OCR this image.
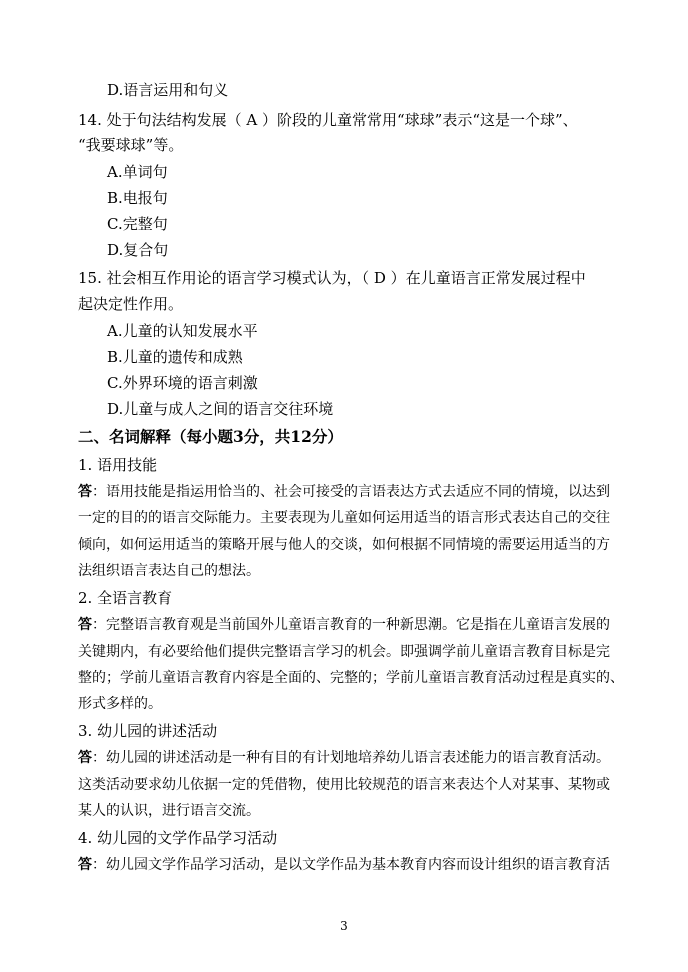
D.语言运用和句义
14. 处于句法结构发展（ A ）阶段的儿童常常用“球球”表示“这是一个球”、
“我要球球”等。
A.单词句
B.电报句
C.完整句
D.复合句
15. 社会相互作用论的语言学习模式认为，（ D ）在儿童语言正常发展过程中
起决定性作用。
A.儿童的认知发展水平
B.儿童的遗传和成熟
C.外界环境的语言刺激
D.儿童与成人之间的语言交往环境
二、名词解释（每小题3分，共12分）
1. 语用技能
答：语用技能是指运用恰当的、社会可接受的言语表达方式去适应不同的情境，以达到
一定的目的的语言交际能力。主要表现为儿童如何运用适当的语言形式表达自己的交往
倾向，如何运用适当的策略开展与他人的交谈，如何根据不同情境的需要运用适当的方
法组织语言表达自己的想法。
2. 全语言教育
答：完整语言教育观是当前国外儿童语言教育的一种新思潮。它是指在儿童语言发展的
关键期内，有必要给他们提供完整语言学习的机会。即强调学前儿童语言教育目标是完
整的；学前儿童语言教育内容是全面的、完整的；学前儿童语言教育活动过程是真实的、
形式多样的。
3. 幼儿园的讲述活动
答：幼儿园的讲述活动是一种有目的有计划地培养幼儿语言表述能力的语言教育活动。
这类活动要求幼儿依据一定的凭借物，使用比较规范的语言来表达个人对某事、某物或
某人的认识，进行语言交流。
4. 幼儿园的文学作品学习活动
答：幼儿园文学作品学习活动，是以文学作品为基本教育内容而设计组织的语言教育活
3
